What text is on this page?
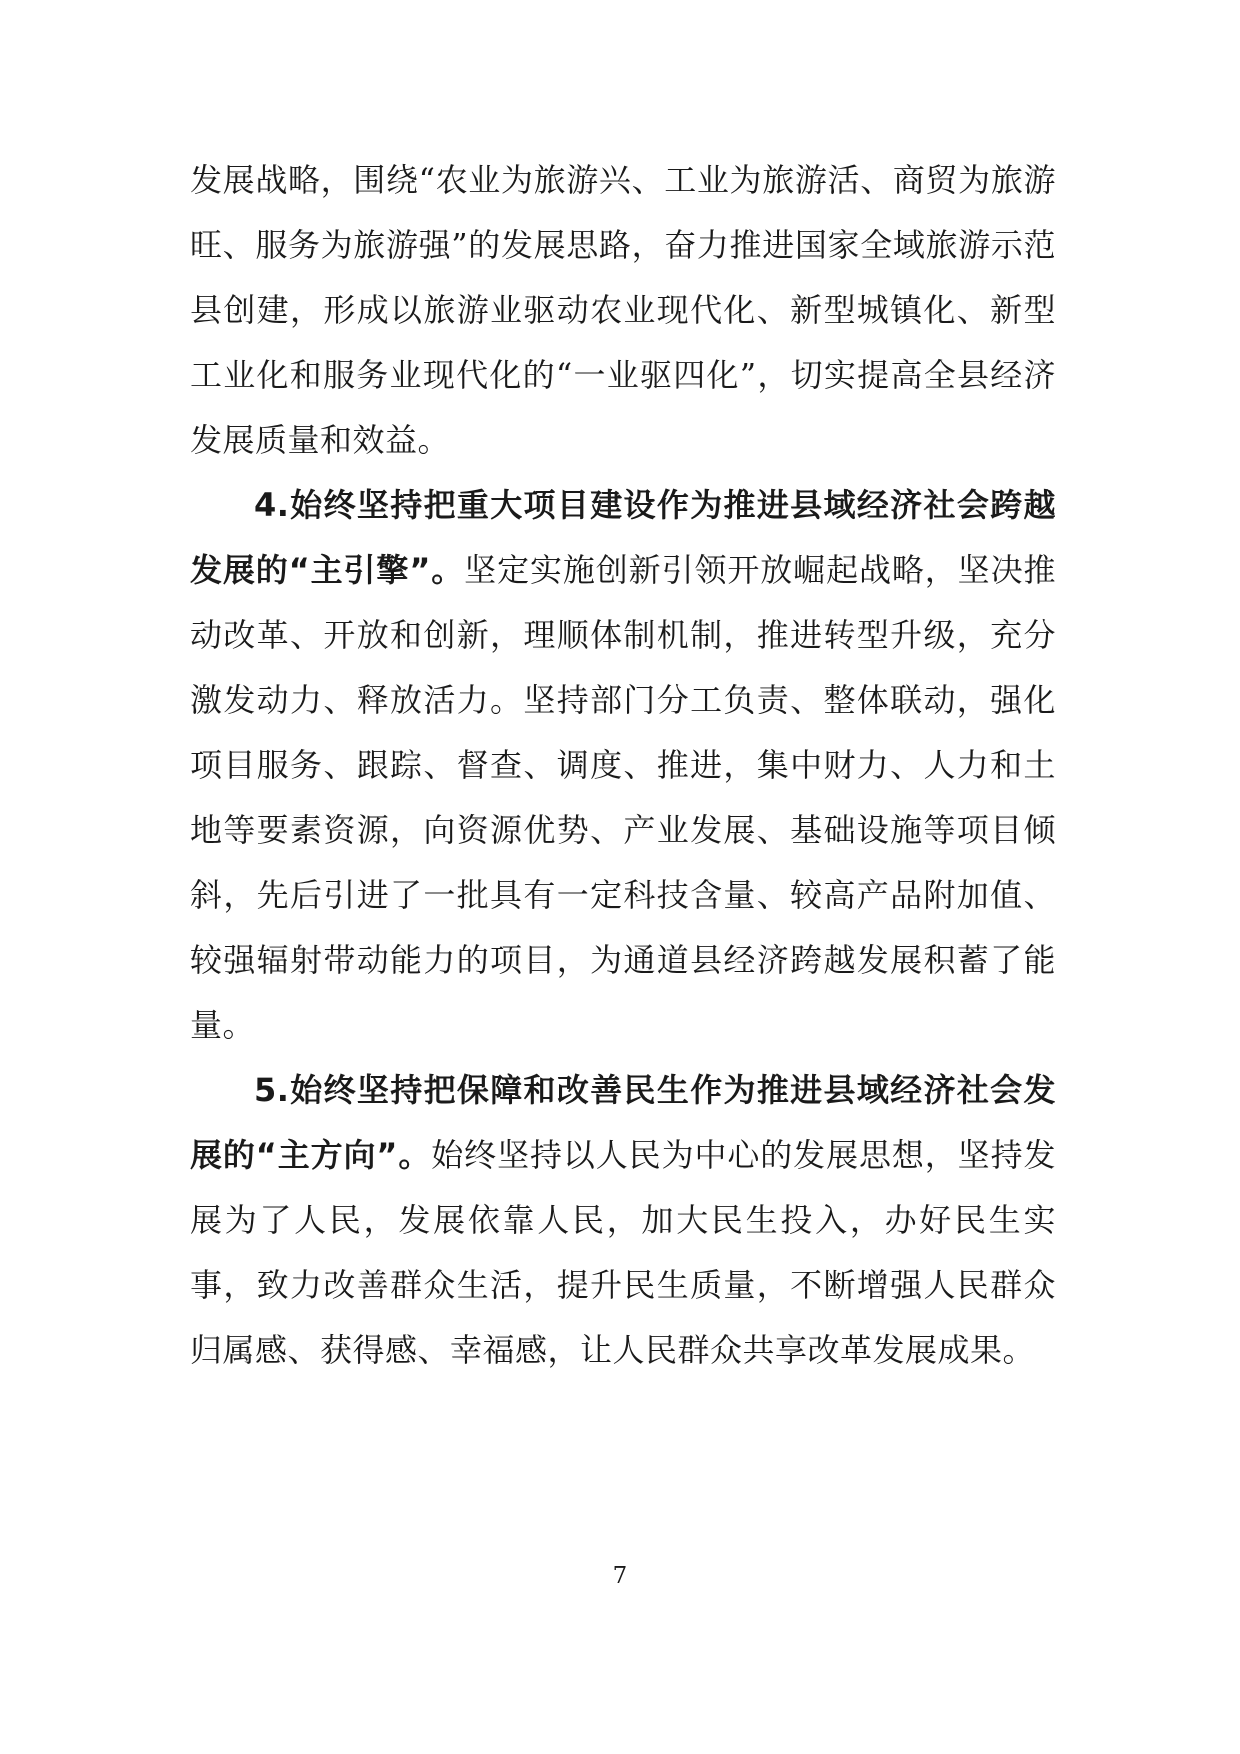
发展战略，围绕“农业为旅游兴、工业为旅游活、商贸为旅游旺、服务为旅游强”的发展思路，奋力推进国家全域旅游示范县创建，形成以旅游业驱动农业现代化、新型城镇化、新型工业化和服务业现代化的“一业驱四化”，切实提高全县经济发展质量和效益。

4.始终坚持把重大项目建设作为推进县域经济社会跨越发展的“主引擎”。坚定实施创新引领开放崛起战略，坚决推动改革、开放和创新，理顺体制机制，推进转型升级，充分激发动力、释放活力。坚持部门分工负责、整体联动，强化项目服务、跟踪、督查、调度、推进，集中财力、人力和土地等要素资源，向资源优势、产业发展、基础设施等项目倾斜，先后引进了一批具有一定科技含量、较高产品附加值、较强辐射带动能力的项目，为通道县经济跨越发展积蓄了能量。

5.始终坚持把保障和改善民生作为推进县域经济社会发展的“主方向”。始终坚持以人民为中心的发展思想，坚持发展为了人民，发展依靠人民，加大民生投入，办好民生实事，致力改善群众生活，提升民生质量，不断增强人民群众归属感、获得感、幸福感，让人民群众共享改革发展成果。

7
